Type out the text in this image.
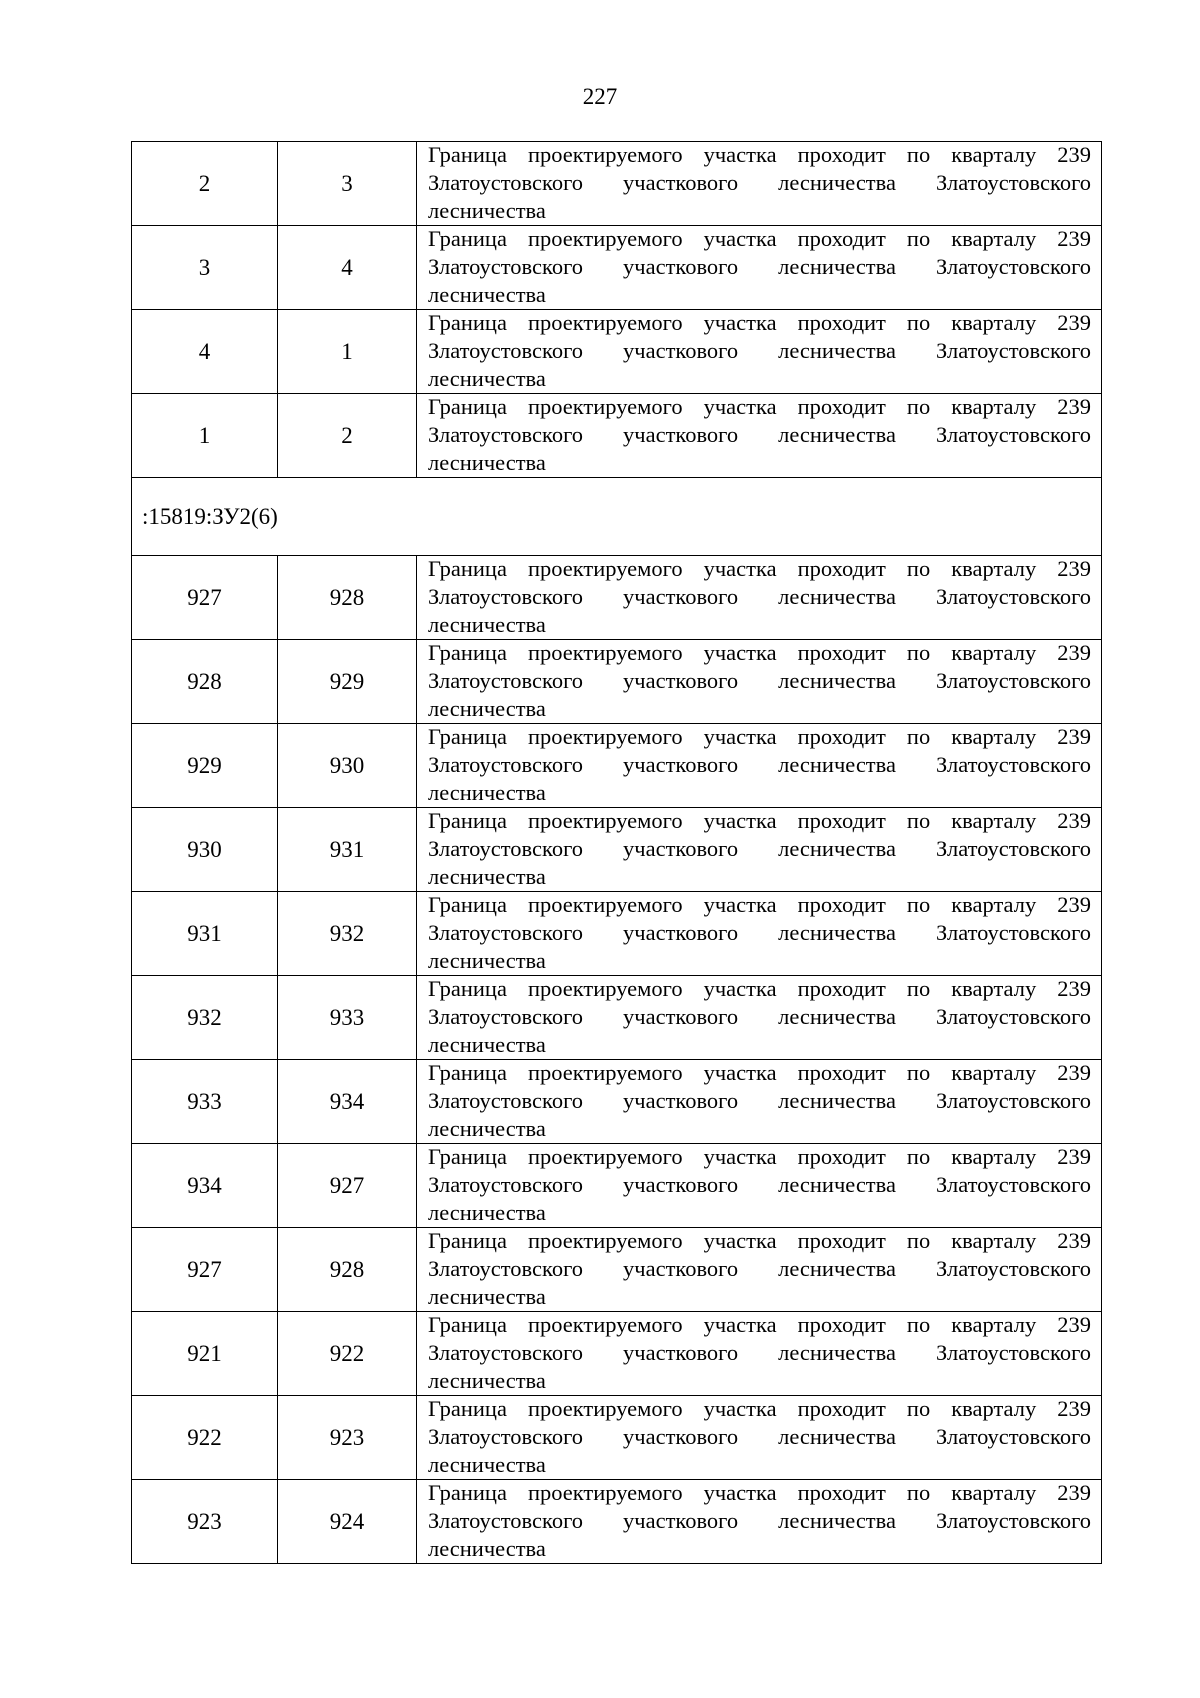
227
2	3	Граница проектируемого участка проходит по кварталу 239 Златоустовского участкового лесничества Златоустовского лесничества

3	4	Граница проектируемого участка проходит по кварталу 239 Златоустовского участкового лесничества Златоустовского лесничества

4	1	Граница проектируемого участка проходит по кварталу 239 Златоустовского участкового лесничества Златоустовского лесничества

1	2	Граница проектируемого участка проходит по кварталу 239 Златоустовского участкового лесничества Златоустовского лесничества

:15819:ЗУ2(6)		
927	928	Граница проектируемого участка проходит по кварталу 239 Златоустовского участкового лесничества Златоустовского лесничества

928	929	Граница проектируемого участка проходит по кварталу 239 Златоустовского участкового лесничества Златоустовского лесничества

929	930	Граница проектируемого участка проходит по кварталу 239 Златоустовского участкового лесничества Златоустовского лесничества

930	931	Граница проектируемого участка проходит по кварталу 239 Златоустовского участкового лесничества Златоустовского лесничества

931	932	Граница проектируемого участка проходит по кварталу 239 Златоустовского участкового лесничества Златоустовского лесничества

932	933	Граница проектируемого участка проходит по кварталу 239 Златоустовского участкового лесничества Златоустовского лесничества

933	934	Граница проектируемого участка проходит по кварталу 239 Златоустовского участкового лесничества Златоустовского лесничества

934	927	Граница проектируемого участка проходит по кварталу 239 Златоустовского участкового лесничества Златоустовского лесничества

927	928	Граница проектируемого участка проходит по кварталу 239 Златоустовского участкового лесничества Златоустовского лесничества

921	922	Граница проектируемого участка проходит по кварталу 239 Златоустовского участкового лесничества Златоустовского лесничества

922	923	Граница проектируемого участка проходит по кварталу 239 Златоустовского участкового лесничества Златоустовского лесничества

923	924	Граница проектируемого участка проходит по кварталу 239 Златоустовского участкового лесничества Златоустовского лесничества
